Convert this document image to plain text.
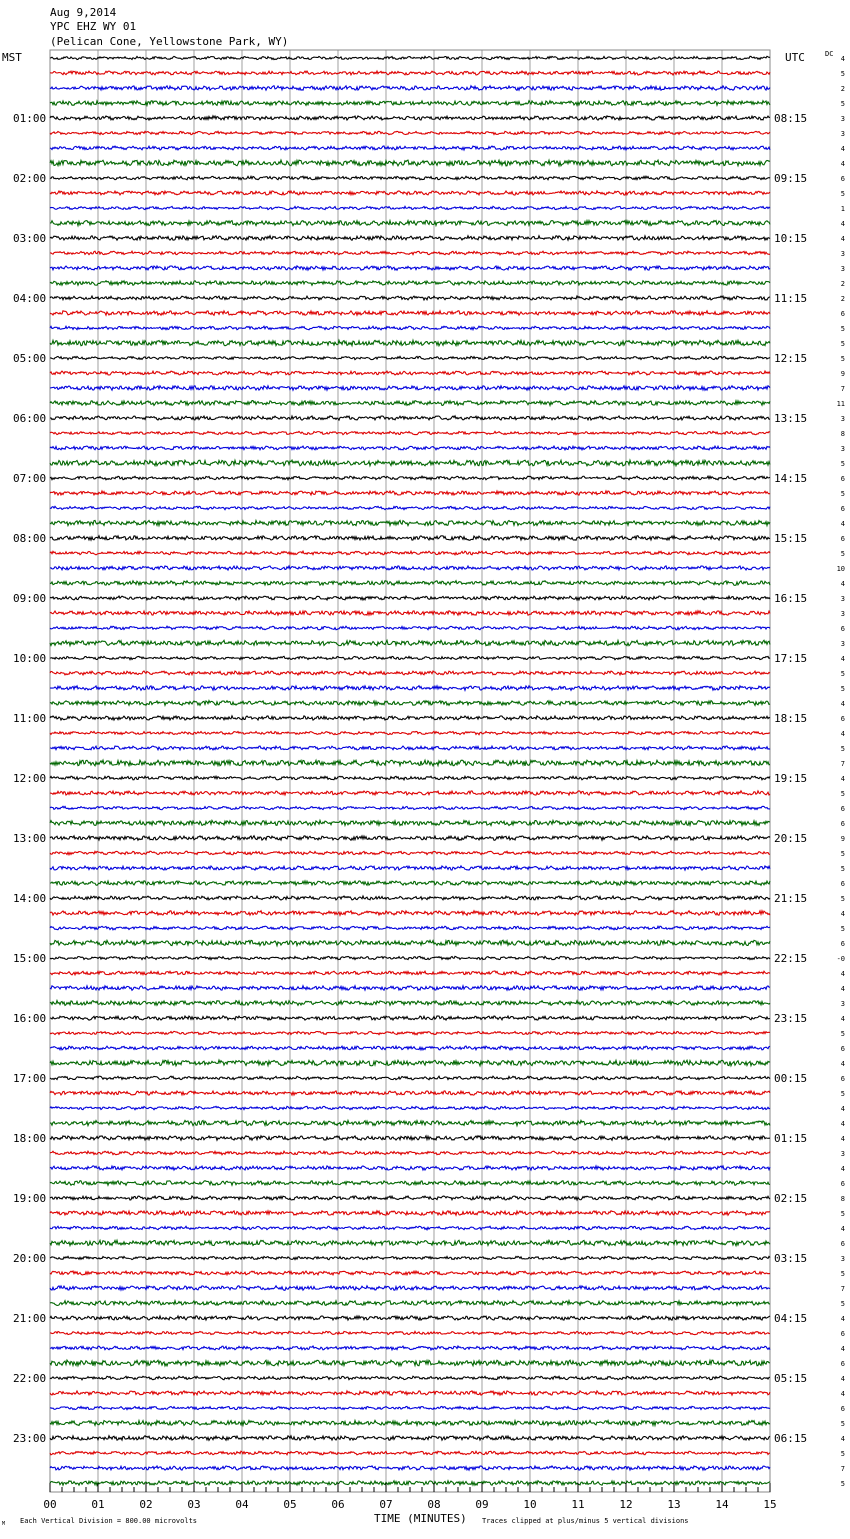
Aug 9,2014
YPC EHZ WY 01
(Pelican Cone, Yellowstone Park, WY)
MST	UTC	DC
01:00
02:00
03:00
04:00
05:00
06:00
07:00
08:00
09:00
10:00
11:00
12:00
13:00
14:00
15:00
16:00
17:00
18:00
19:00
20:00
21:00
22:00
23:00
08:15
09:15
10:15
11:15
12:15
13:15
14:15
15:15
16:15
17:15
18:15
19:15
20:15
21:15
22:15
23:15
00:15
01:15
02:15
03:15
04:15
05:15
06:15
4
5
2
5
3
3
4
4
6
5
1
4
4
3
3
2
2
6
5
5
5
9
7
11
3
8
3
5
6
5
6
4
6
5
10
4
3
3
6
3
4
5
5
4
6
4
5
7
4
5
6
6
9
5
5
6
5
4
5
6
-0
4
4
3
4
5
6
4
6
5
4
4
4
3
4
6
8
5
4
6
3
5
7
5
4
6
4
6
4
4
6
5
4
5
7
5
00	01	02	03	04	05	06	07	08	09	10	11	12	13	14	15
TIME (MINUTES)
Each Vertical Division = 800.00 microvolts	Traces clipped at plus/minus 5 vertical divisions
M
